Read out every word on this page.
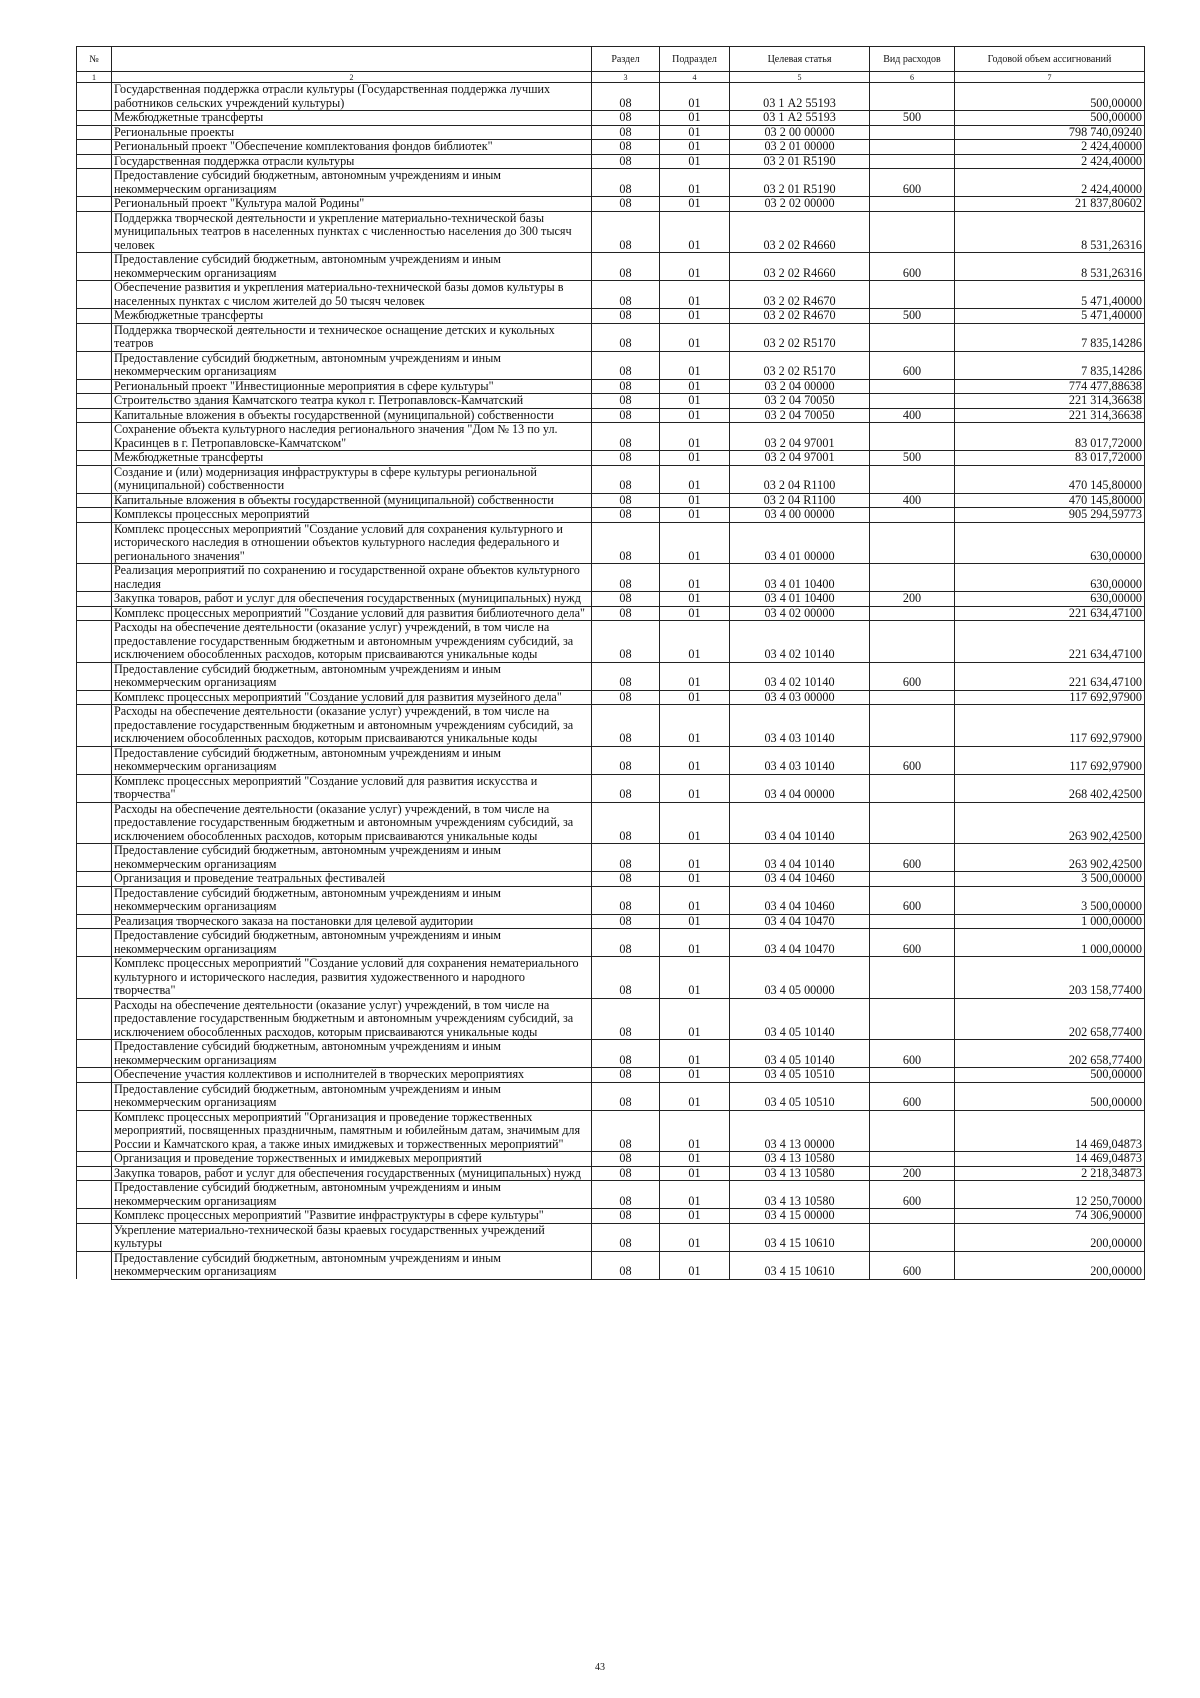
№		Раздел	Подраздел	Целевая статья	Вид расходов	Годовой объем ассигнований
1	2	3	4	5	6	7
	Государственная поддержка отрасли культуры (Государственная поддержка лучших работников сельских учреждений культуры)	08	01	03 1 А2 55193		500,00000
	Межбюджетные трансферты	08	01	03 1 А2 55193	500	500,00000
	Региональные проекты	08	01	03 2 00 00000		798 740,09240
	Региональный проект "Обеспечение комплектования фондов библиотек"	08	01	03 2 01 00000		2 424,40000
	Государственная поддержка отрасли культуры	08	01	03 2 01 R5190		2 424,40000
	Предоставление субсидий бюджетным, автономным учреждениям и иным некоммерческим организациям	08	01	03 2 01 R5190	600	2 424,40000
	Региональный проект "Культура малой Родины"	08	01	03 2 02 00000		21 837,80602
	Поддержка творческой деятельности и укрепление материально-технической базы муниципальных театров в населенных пунктах с численностью населения до 300 тысяч человек	08	01	03 2 02 R4660		8 531,26316
	Предоставление субсидий бюджетным, автономным учреждениям и иным некоммерческим организациям	08	01	03 2 02 R4660	600	8 531,26316
	Обеспечение развития и укрепления материально-технической базы домов культуры в населенных пунктах с числом жителей до 50 тысяч человек	08	01	03 2 02 R4670		5 471,40000
	Межбюджетные трансферты	08	01	03 2 02 R4670	500	5 471,40000
	Поддержка творческой деятельности и техническое оснащение детских и кукольных театров	08	01	03 2 02 R5170		7 835,14286
	Предоставление субсидий бюджетным, автономным учреждениям и иным некоммерческим организациям	08	01	03 2 02 R5170	600	7 835,14286
	Региональный проект "Инвестиционные мероприятия в сфере культуры"	08	01	03 2 04 00000		774 477,88638
	Строительство здания Камчатского театра кукол г. Петропавловск-Камчатский	08	01	03 2 04 70050		221 314,36638
	Капитальные вложения в объекты государственной (муниципальной) собственности	08	01	03 2 04 70050	400	221 314,36638
	Сохранение объекта культурного наследия регионального значения "Дом № 13 по ул. Красинцев в г. Петропавловске-Камчатском"	08	01	03 2 04 97001		83 017,72000
	Межбюджетные трансферты	08	01	03 2 04 97001	500	83 017,72000
	Создание и (или) модернизация инфраструктуры в сфере культуры региональной (муниципальной) собственности	08	01	03 2 04 R1100		470 145,80000
	Капитальные вложения в объекты государственной (муниципальной) собственности	08	01	03 2 04 R1100	400	470 145,80000
	Комплексы процессных мероприятий	08	01	03 4 00 00000		905 294,59773
	Комплекс процессных мероприятий "Создание условий для сохранения культурного и исторического наследия в отношении объектов культурного наследия федерального и регионального значения"	08	01	03 4 01 00000		630,00000
	Реализация мероприятий по сохранению и государственной охране объектов культурного наследия	08	01	03 4 01 10400		630,00000
	Закупка товаров, работ и услуг для обеспечения государственных (муниципальных) нужд	08	01	03 4 01 10400	200	630,00000
	Комплекс процессных мероприятий "Создание условий для развития библиотечного дела"	08	01	03 4 02 00000		221 634,47100
	Расходы на обеспечение деятельности (оказание услуг) учреждений, в том числе на предоставление государственным бюджетным и автономным учреждениям субсидий, за исключением обособленных расходов, которым присваиваются уникальные коды	08	01	03 4 02 10140		221 634,47100
	Предоставление субсидий бюджетным, автономным учреждениям и иным некоммерческим организациям	08	01	03 4 02 10140	600	221 634,47100
	Комплекс процессных мероприятий "Создание условий для развития музейного дела"	08	01	03 4 03 00000		117 692,97900
	Расходы на обеспечение деятельности (оказание услуг) учреждений, в том числе на предоставление государственным бюджетным и автономным учреждениям субсидий, за исключением обособленных расходов, которым присваиваются уникальные коды	08	01	03 4 03 10140		117 692,97900
	Предоставление субсидий бюджетным, автономным учреждениям и иным некоммерческим организациям	08	01	03 4 03 10140	600	117 692,97900
	Комплекс процессных мероприятий "Создание условий для развития искусства и творчества"	08	01	03 4 04 00000		268 402,42500
	Расходы на обеспечение деятельности (оказание услуг) учреждений, в том числе на предоставление государственным бюджетным и автономным учреждениям субсидий, за исключением обособленных расходов, которым присваиваются уникальные коды	08	01	03 4 04 10140		263 902,42500
	Предоставление субсидий бюджетным, автономным учреждениям и иным некоммерческим организациям	08	01	03 4 04 10140	600	263 902,42500
	Организация и проведение театральных фестивалей	08	01	03 4 04 10460		3 500,00000
	Предоставление субсидий бюджетным, автономным учреждениям и иным некоммерческим организациям	08	01	03 4 04 10460	600	3 500,00000
	Реализация творческого заказа на постановки для целевой аудитории	08	01	03 4 04 10470		1 000,00000
	Предоставление субсидий бюджетным, автономным учреждениям и иным некоммерческим организациям	08	01	03 4 04 10470	600	1 000,00000
	Комплекс процессных мероприятий "Создание условий для сохранения нематериального культурного и исторического наследия, развития художественного и народного творчества"	08	01	03 4 05 00000		203 158,77400
	Расходы на обеспечение деятельности (оказание услуг) учреждений, в том числе на предоставление государственным бюджетным и автономным учреждениям субсидий, за исключением обособленных расходов, которым присваиваются уникальные коды	08	01	03 4 05 10140		202 658,77400
	Предоставление субсидий бюджетным, автономным учреждениям и иным некоммерческим организациям	08	01	03 4 05 10140	600	202 658,77400
	Обеспечение участия коллективов и исполнителей в творческих мероприятиях	08	01	03 4 05 10510		500,00000
	Предоставление субсидий бюджетным, автономным учреждениям и иным некоммерческим организациям	08	01	03 4 05 10510	600	500,00000
	Комплекс процессных мероприятий "Организация и проведение торжественных мероприятий, посвященных праздничным, памятным и юбилейным датам, значимым для России и Камчатского края, а также иных имиджевых и торжественных мероприятий"	08	01	03 4 13 00000		14 469,04873
	Организация и проведение торжественных и имиджевых мероприятий	08	01	03 4 13 10580		14 469,04873
	Закупка товаров, работ и услуг для обеспечения государственных (муниципальных) нужд	08	01	03 4 13 10580	200	2 218,34873
	Предоставление субсидий бюджетным, автономным учреждениям и иным некоммерческим организациям	08	01	03 4 13 10580	600	12 250,70000
	Комплекс процессных мероприятий "Развитие инфраструктуры в сфере культуры"	08	01	03 4 15 00000		74 306,90000
	Укрепление материально-технической базы краевых государственных учреждений культуры	08	01	03 4 15 10610		200,00000
	Предоставление субсидий бюджетным, автономным учреждениям и иным некоммерческим организациям	08	01	03 4 15 10610	600	200,00000
43
